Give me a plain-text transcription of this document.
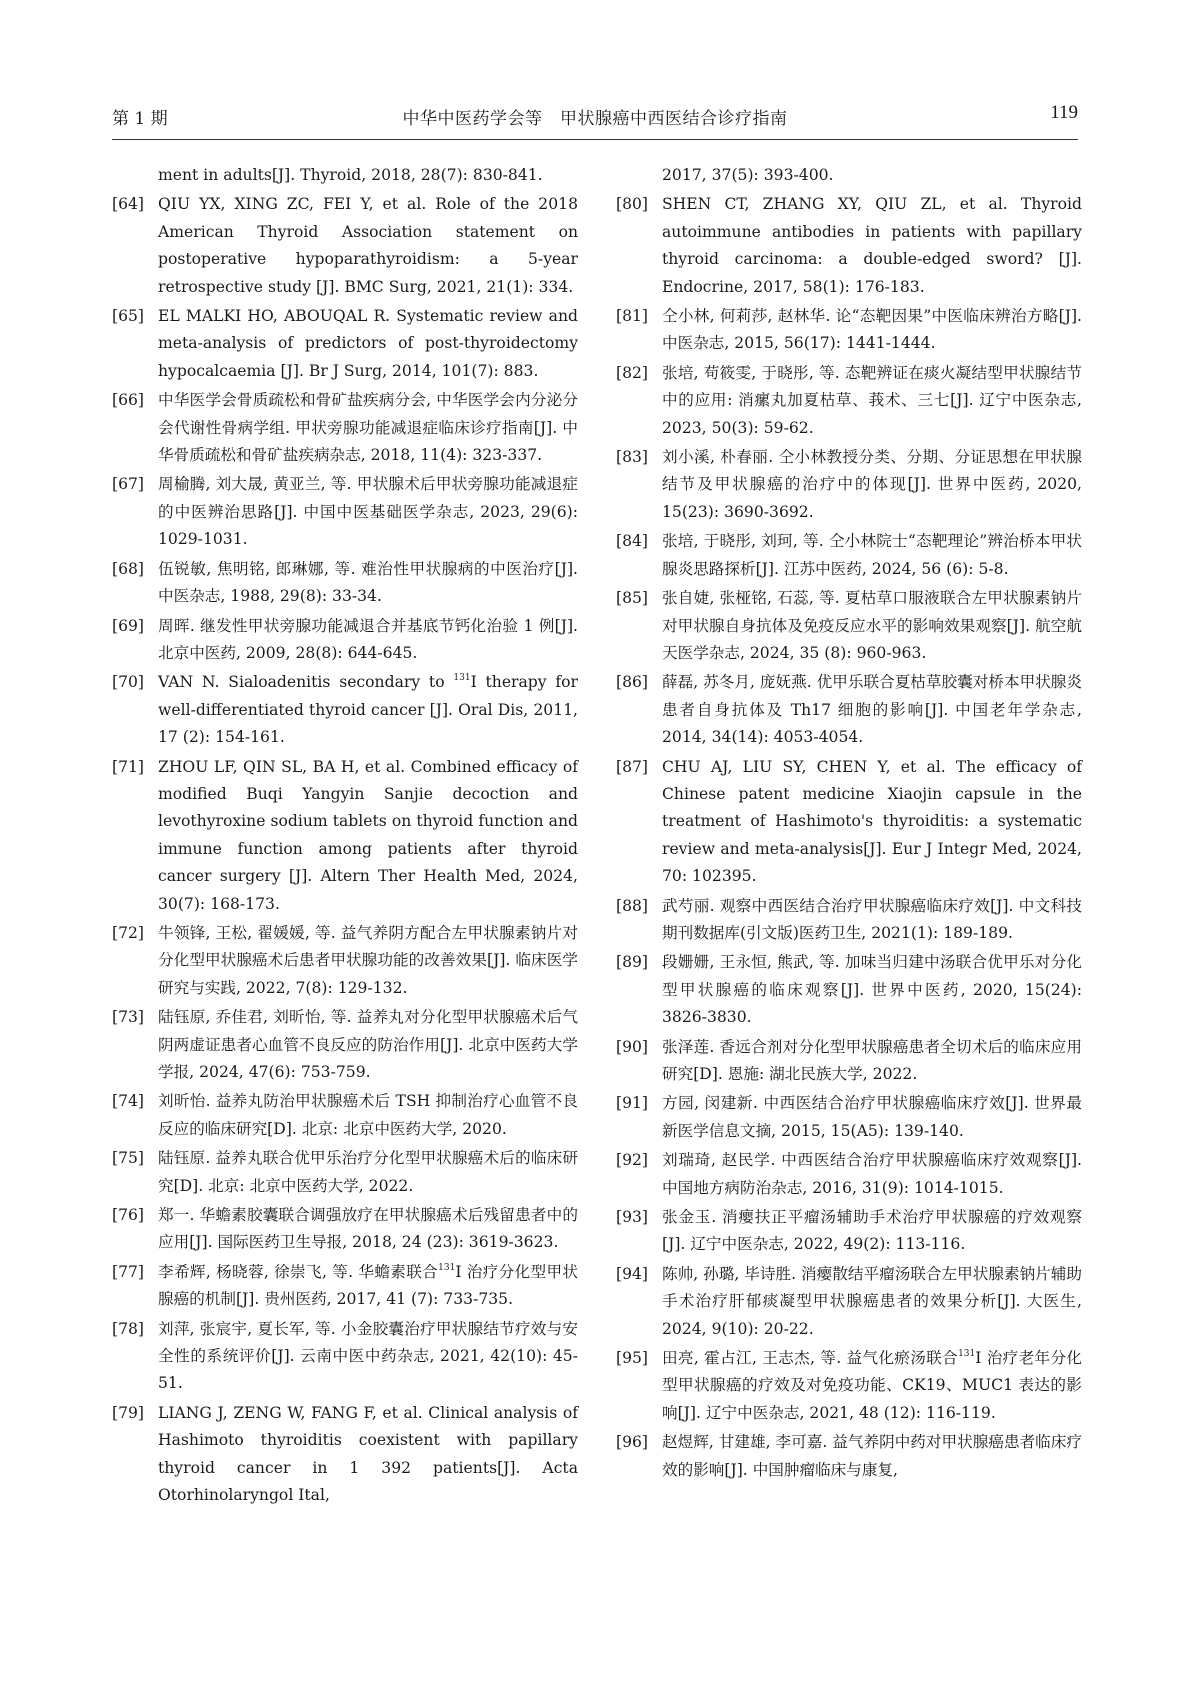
第 1 期	中华中医药学会等　甲状腺癌中西医结合诊疗指南	119
ment in adults[J]. Thyroid, 2018, 28(7): 830-841.
[64] QIU YX, XING ZC, FEI Y, et al. Role of the 2018 American Thyroid Association statement on postoperative hypoparathyroidism: a 5-year retrospective study [J]. BMC Surg, 2021, 21(1): 334.
[65] EL MALKI HO, ABOUQAL R. Systematic review and meta-analysis of predictors of post-thyroidectomy hypocalcaemia [J]. Br J Surg, 2014, 101(7): 883.
[66] 中华医学会骨质疏松和骨矿盐疾病分会, 中华医学会内分泌分会代谢性骨病学组. 甲状旁腺功能减退症临床诊疗指南[J]. 中华骨质疏松和骨矿盐疾病杂志, 2018, 11(4): 323-337.
[67] 周榆腾, 刘大晟, 黄亚兰, 等. 甲状腺术后甲状旁腺功能减退症的中医辨治思路[J]. 中国中医基础医学杂志, 2023, 29(6): 1029-1031.
[68] 伍锐敏, 焦明铭, 郎琳娜, 等. 难治性甲状腺病的中医治疗[J]. 中医杂志, 1988, 29(8): 33-34.
[69] 周晖. 继发性甲状旁腺功能减退合并基底节钙化治验 1 例[J]. 北京中医药, 2009, 28(8): 644-645.
[70] VAN N. Sialoadenitis secondary to $^{131}$I therapy for well-differentiated thyroid cancer [J]. Oral Dis, 2011, 17 (2): 154-161.
[71] ZHOU LF, QIN SL, BA H, et al. Combined efficacy of modified Buqi Yangyin Sanjie decoction and levothyroxine sodium tablets on thyroid function and immune function among patients after thyroid cancer surgery [J]. Altern Ther Health Med, 2024, 30(7): 168-173.
[72] 牛领锋, 王松, 翟媛媛, 等. 益气养阴方配合左甲状腺素钠片对分化型甲状腺癌术后患者甲状腺功能的改善效果[J]. 临床医学研究与实践, 2022, 7(8): 129-132.
[73] 陆钰原, 乔佳君, 刘昕怡, 等. 益养丸对分化型甲状腺癌术后气阴两虚证患者心血管不良反应的防治作用[J]. 北京中医药大学学报, 2024, 47(6): 753-759.
[74] 刘昕怡. 益养丸防治甲状腺癌术后 TSH 抑制治疗心血管不良反应的临床研究[D]. 北京: 北京中医药大学, 2020.
[75] 陆钰原. 益养丸联合优甲乐治疗分化型甲状腺癌术后的临床研究[D]. 北京: 北京中医药大学, 2022.
[76] 郑一. 华蟾素胶囊联合调强放疗在甲状腺癌术后残留患者中的应用[J]. 国际医药卫生导报, 2018, 24 (23): 3619-3623.
[77] 李希辉, 杨晓蓉, 徐崇飞, 等. 华蟾素联合$^{131}$I 治疗分化型甲状腺癌的机制[J]. 贵州医药, 2017, 41 (7): 733-735.
[78] 刘萍, 张宸宇, 夏长军, 等. 小金胶囊治疗甲状腺结节疗效与安全性的系统评价[J]. 云南中医中药杂志, 2021, 42(10): 45-51.
[79] LIANG J, ZENG W, FANG F, et al. Clinical analysis of Hashimoto thyroiditis coexistent with papillary thyroid cancer in 1 392 patients[J]. Acta Otorhinolaryngol Ital,
2017, 37(5): 393-400.
[80] SHEN CT, ZHANG XY, QIU ZL, et al. Thyroid autoimmune antibodies in patients with papillary thyroid carcinoma: a double-edged sword? [J]. Endocrine, 2017, 58(1): 176-183.
[81] 仝小林, 何莉莎, 赵林华. 论“态靶因果”中医临床辨治方略[J]. 中医杂志, 2015, 56(17): 1441-1444.
[82] 张培, 苟筱雯, 于晓彤, 等. 态靶辨证在痰火凝结型甲状腺结节中的应用: 消瘰丸加夏枯草、莪术、三七[J]. 辽宁中医杂志, 2023, 50(3): 59-62.
[83] 刘小溪, 朴春丽. 仝小林教授分类、分期、分证思想在甲状腺结节及甲状腺癌的治疗中的体现[J]. 世界中医药, 2020, 15(23): 3690-3692.
[84] 张培, 于晓彤, 刘珂, 等. 仝小林院士“态靶理论”辨治桥本甲状腺炎思路探析[J]. 江苏中医药, 2024, 56 (6): 5-8.
[85] 张自婕, 张桠铭, 石蕊, 等. 夏枯草口服液联合左甲状腺素钠片对甲状腺自身抗体及免疫反应水平的影响效果观察[J]. 航空航天医学杂志, 2024, 35 (8): 960-963.
[86] 薛磊, 苏冬月, 庞妩燕. 优甲乐联合夏枯草胶囊对桥本甲状腺炎患者自身抗体及 Th17 细胞的影响[J]. 中国老年学杂志, 2014, 34(14): 4053-4054.
[87] CHU AJ, LIU SY, CHEN Y, et al. The efficacy of Chinese patent medicine Xiaojin capsule in the treatment of Hashimoto's thyroiditis: a systematic review and meta-analysis[J]. Eur J Integr Med, 2024, 70: 102395.
[88] 武芍丽. 观察中西医结合治疗甲状腺癌临床疗效[J]. 中文科技期刊数据库(引文版)医药卫生, 2021(1): 189-189.
[89] 段姗姗, 王永恒, 熊武, 等. 加味当归建中汤联合优甲乐对分化型甲状腺癌的临床观察[J]. 世界中医药, 2020, 15(24): 3826-3830.
[90] 张泽莲. 香远合剂对分化型甲状腺癌患者全切术后的临床应用研究[D]. 恩施: 湖北民族大学, 2022.
[91] 方园, 闵建新. 中西医结合治疗甲状腺癌临床疗效[J]. 世界最新医学信息文摘, 2015, 15(A5): 139-140.
[92] 刘瑞琦, 赵民学. 中西医结合治疗甲状腺癌临床疗效观察[J]. 中国地方病防治杂志, 2016, 31(9): 1014-1015.
[93] 张金玉. 消瘿扶正平瘤汤辅助手术治疗甲状腺癌的疗效观察[J]. 辽宁中医杂志, 2022, 49(2): 113-116.
[94] 陈帅, 孙璐, 毕诗胜. 消瘿散结平瘤汤联合左甲状腺素钠片辅助手术治疗肝郁痰凝型甲状腺癌患者的效果分析[J]. 大医生, 2024, 9(10): 20-22.
[95] 田亮, 霍占江, 王志杰, 等. 益气化瘀汤联合$^{131}$I 治疗老年分化型甲状腺癌的疗效及对免疫功能、CK19、MUC1 表达的影响[J]. 辽宁中医杂志, 2021, 48 (12): 116-119.
[96] 赵煜辉, 甘建雄, 李可嘉. 益气养阴中药对甲状腺癌患者临床疗效的影响[J]. 中国肿瘤临床与康复,
